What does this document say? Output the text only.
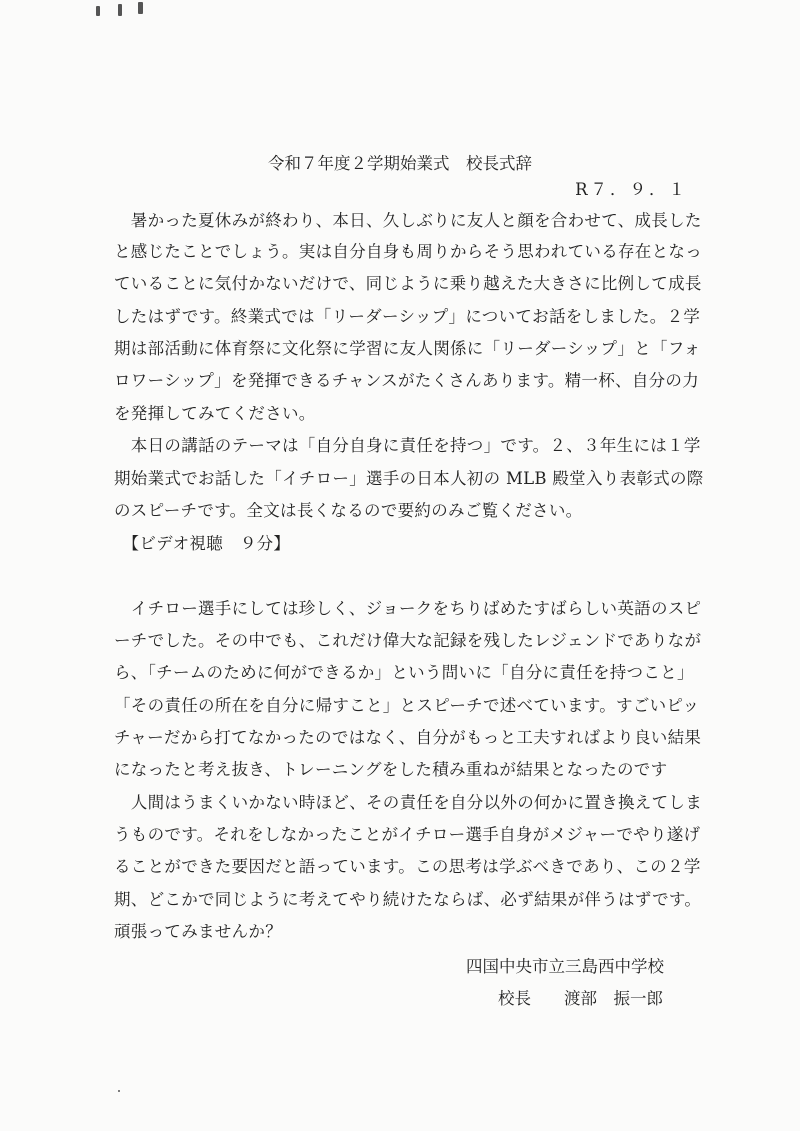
令和７年度２学期始業式　校長式辞
R７．９．１
　暑かった夏休みが終わり、本日、久しぶりに友人と顔を合わせて、成長した
と感じたことでしょう。実は自分自身も周りからそう思われている存在となっ
ていることに気付かないだけで、同じように乗り越えた大きさに比例して成長
したはずです。終業式では「リーダーシップ」についてお話をしました。２学
期は部活動に体育祭に文化祭に学習に友人関係に「リーダーシップ」と「フォ
ロワーシップ」を発揮できるチャンスがたくさんあります。精一杯、自分の力
を発揮してみてください。
　本日の講話のテーマは「自分自身に責任を持つ」です。２、３年生には１学
期始業式でお話した「イチロー」選手の日本人初の MLB 殿堂入り表彰式の際
のスピーチです。全文は長くなるので要約のみご覧ください。
　【ビデオ視聴　９分】
　イチロー選手にしては珍しく、ジョークをちりばめたすばらしい英語のスピ
ーチでした。その中でも、これだけ偉大な記録を残したレジェンドでありなが
ら、「チームのために何ができるか」という問いに「自分に責任を持つこと」
「その責任の所在を自分に帰すこと」とスピーチで述べています。すごいピッ
チャーだから打てなかったのではなく、自分がもっと工夫すればより良い結果
になったと考え抜き、トレーニングをした積み重ねが結果となったのです
　人間はうまくいかない時ほど、その責任を自分以外の何かに置き換えてしま
うものです。それをしなかったことがイチロー選手自身がメジャーでやり遂げ
ることができた要因だと語っています。この思考は学ぶべきであり、この２学
期、どこかで同じように考えてやり続けたならば、必ず結果が伴うはずです。
頑張ってみませんか？
四国中央市立三島西中学校
校長　　渡部　振一郎
